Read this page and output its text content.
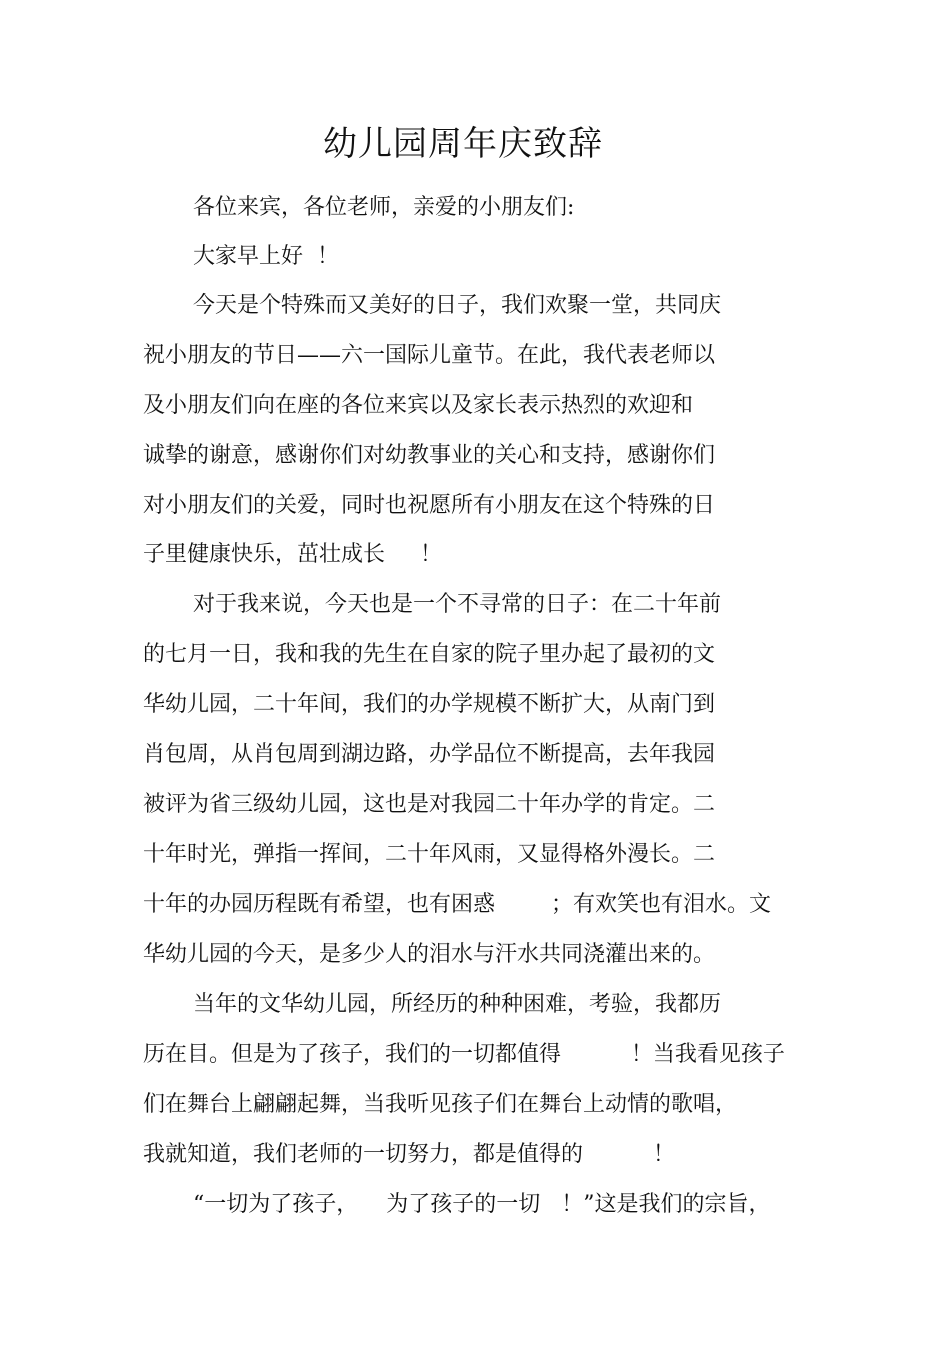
幼儿园周年庆致辞

各位来宾，各位老师，亲爱的小朋友们:

大家早上好  ！

今天是个特殊而又美好的日子，我们欢聚一堂，共同庆

祝小朋友的节日——六一国际儿童节。在此，我代表老师以

及小朋友们向在座的各位来宾以及家长表示热烈的欢迎和

诚挚的谢意，感谢你们对幼教事业的关心和支持，感谢你们

对小朋友们的关爱，同时也祝愿所有小朋友在这个特殊的日

子里健康快乐，茁壮成长     ！

对于我来说，今天也是一个不寻常的日子：在二十年前

的七月一日，我和我的先生在自家的院子里办起了最初的文

华幼儿园，二十年间，我们的办学规模不断扩大，从南门到

肖包周，从肖包周到湖边路，办学品位不断提高，去年我园

被评为省三级幼儿园，这也是对我园二十年办学的肯定。二

十年时光，弹指一挥间，二十年风雨，又显得格外漫长。二

十年的办园历程既有希望，也有困惑        ；有欢笑也有泪水。文

华幼儿园的今天，是多少人的泪水与汗水共同浇灌出来的。

当年的文华幼儿园，所经历的种种困难，考验，我都历

历在目。但是为了孩子，我们的一切都值得          ！当我看见孩子

们在舞台上翩翩起舞，当我听见孩子们在舞台上动情的歌唱，

我就知道，我们老师的一切努力，都是值得的          ！

“一切为了孩子，    为了孩子的一切   ！”这是我们的宗旨，
